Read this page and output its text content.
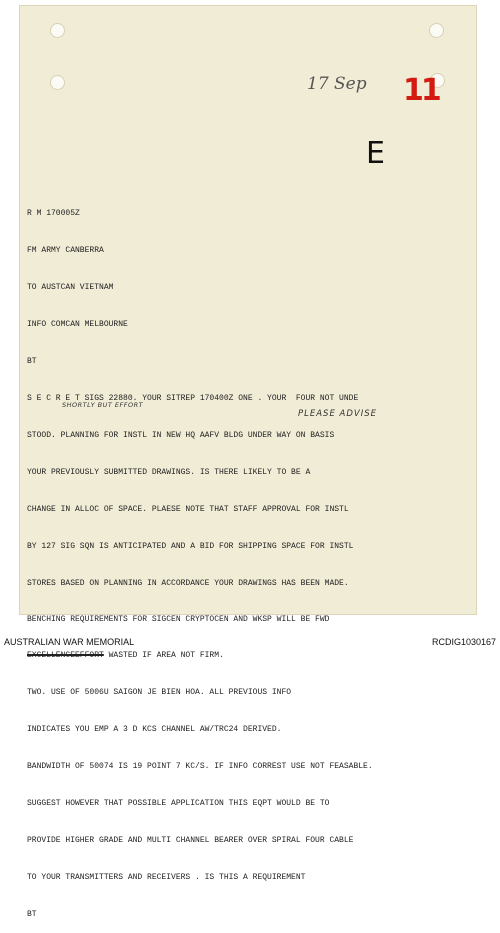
17 Sep 11
E

R M 170005Z

FM ARMY CANBERRA

TO AUSTCAN VIETNAM

INFO COMCAN MELBOURNE

BT

S E C R E T SIGS 22880. YOUR SITREP 170400Z ONE . YOUR  FOUR NOT UNDE

STOOD. PLANNING FOR INSTL IN NEW HQ AAFV BLDG UNDER WAY ON BASIS

YOUR PREVIOUSLY SUBMITTED DRAWINGS. IS THERE LIKELY TO BE A

CHANGE IN ALLOC OF SPACE. PLAESE NOTE THAT STAFF APPROVAL FOR INSTL

BY 127 SIG SQN IS ANTICIPATED AND A BID FOR SHIPPING SPACE FOR INSTL

STORES BASED ON PLANNING IN ACCORDANCE YOUR DRAWINGS HAS BEEN MADE.

BENCHING REQUIREMENTS FOR SIGCEN CRYPTOCEN AND WKSP WILL BE FWD

EXCELLENCEEFFORT WASTED IF AREA NOT FIRM.

TWO. USE OF 5006U SAIGON JE BIEN HOA. ALL PREVIOUS INFO

INDICATES YOU EMP A 3 D KCS CHANNEL AW/TRC24 DERIVED.

BANDWIDTH OF 50074 IS 19 POINT 7 KC/S. IF INFO CORREST USE NOT FEASABLE.

SUGGEST HOWEVER THAT POSSIBLE APPLICATION THIS EQPT WOULD BE TO

PROVIDE HIGHER GRADE AND MULTI CHANNEL BEARER OVER SPIRAL FOUR CABLE

TO YOUR TRANSMITTERS AND RECEIVERS . IS THIS A REQUIREMENT

BT

SHORTLY BUT EFFORT
PLEASE ADVISE
AUSTRALIAN WAR MEMORIAL	RCDIG1030167
